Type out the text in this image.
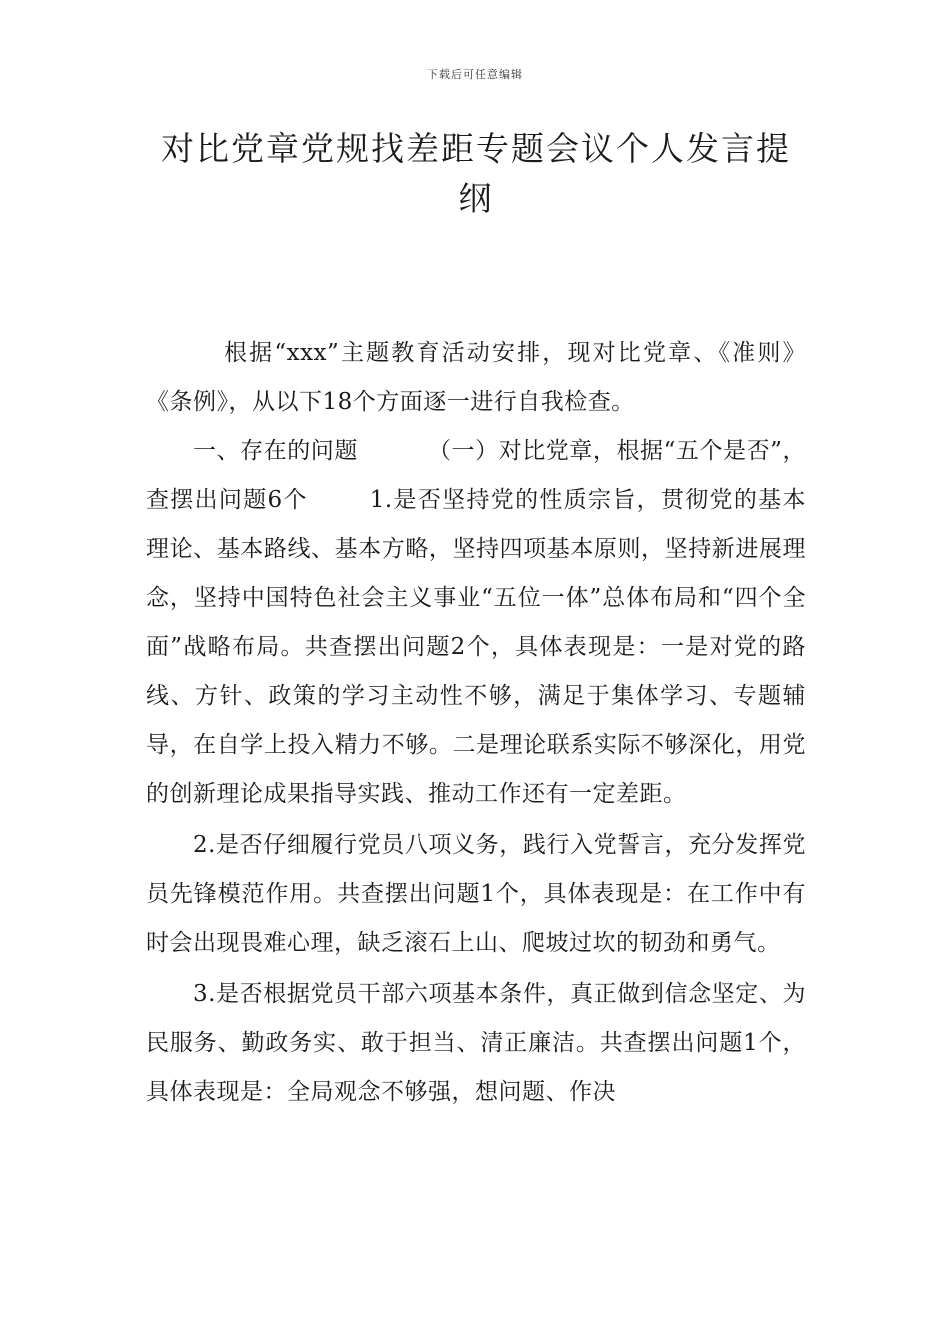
下载后可任意编辑
对比党章党规找差距专题会议个人发言提纲

根据“xxx”主题教育活动安排，现对比党章、《准则》《条例》，从以下18个方面逐一进行自我检查。

一、存在的问题	（一）对比党章，根据“五个是否”，查摆出问题6个	1.是否坚持党的性质宗旨，贯彻党的基本理论、基本路线、基本方略，坚持四项基本原则，坚持新进展理念，坚持中国特色社会主义事业“五位一体”总体布局和“四个全面”战略布局。共查摆出问题2个，具体表现是：一是对党的路线、方针、政策的学习主动性不够，满足于集体学习、专题辅导，在自学上投入精力不够。二是理论联系实际不够深化，用党的创新理论成果指导实践、推动工作还有一定差距。

2.是否仔细履行党员八项义务，践行入党誓言，充分发挥党员先锋模范作用。共查摆出问题1个，具体表现是：在工作中有时会出现畏难心理，缺乏滚石上山、爬坡过坎的韧劲和勇气。

3.是否根据党员干部六项基本条件，真正做到信念坚定、为民服务、勤政务实、敢于担当、清正廉洁。共查摆出问题1个，具体表现是：全局观念不够强，想问题、作决
